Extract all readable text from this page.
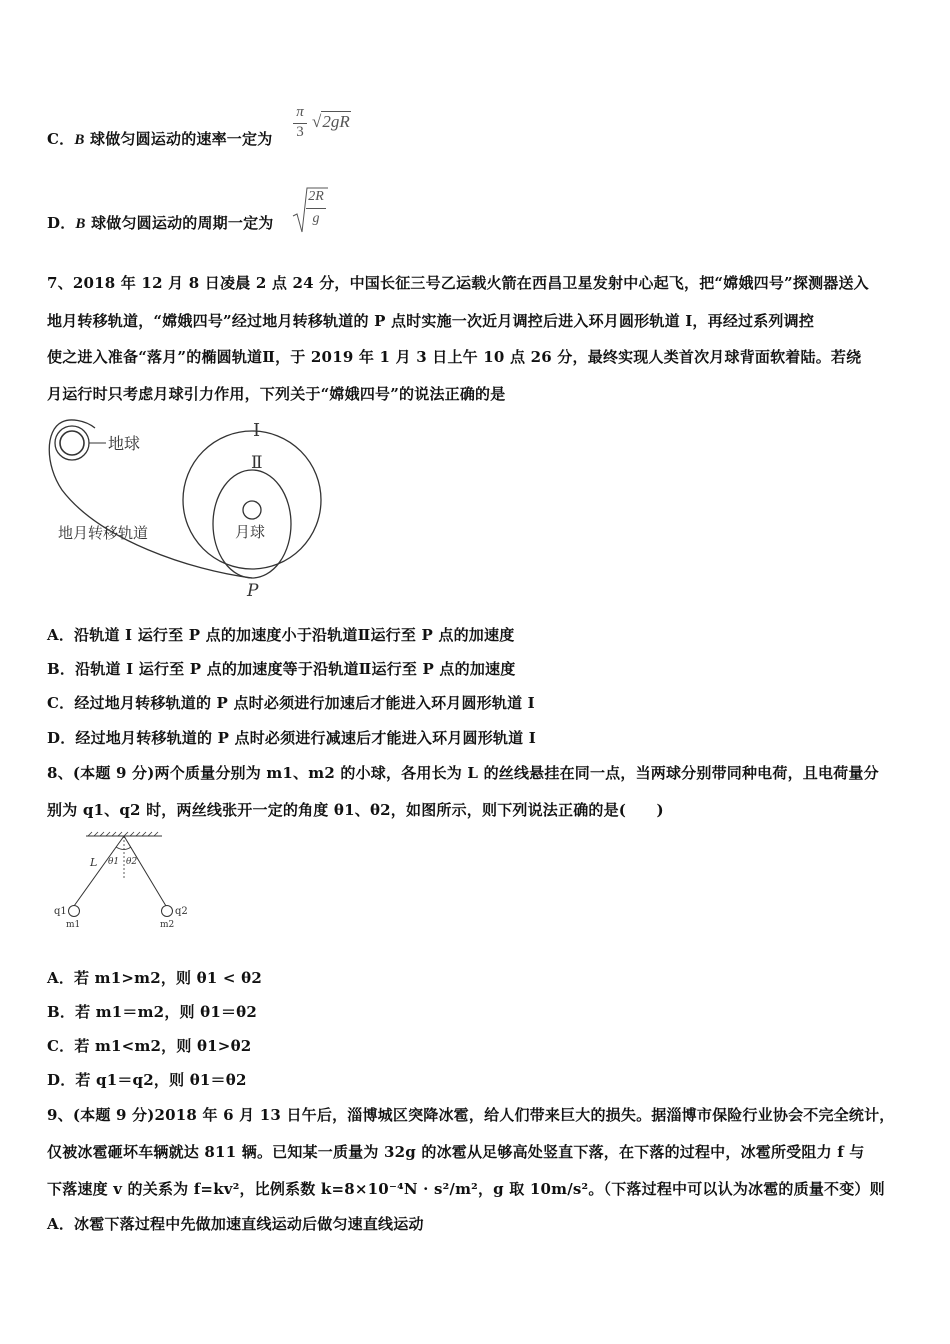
C．B 球做匀圆运动的速率一定为
π
3
√2gR
D．B 球做匀圆运动的周期一定为
2R
g
7、2018 年 12 月 8 日凌晨 2 点 24 分，中国长征三号乙运载火箭在西昌卫星发射中心起飞，把“嫦娥四号”探测器送入
地月转移轨道，“嫦娥四号”经过地月转移轨道的 P 点时实施一次近月调控后进入环月圆形轨道 I，再经过系列调控
使之进入准备“落月”的椭圆轨道Ⅱ，于 2019 年 1 月 3 日上午 10 点 26 分，最终实现人类首次月球背面软着陆。若绕
月运行时只考虑月球引力作用，下列关于“嫦娥四号”的说法正确的是
地球
月球
I
Ⅱ
地月转移轨道
P
A．沿轨道 I 运行至 P 点的加速度小于沿轨道Ⅱ运行至 P 点的加速度
B．沿轨道 I 运行至 P 点的加速度等于沿轨道Ⅱ运行至 P 点的加速度
C．经过地月转移轨道的 P 点时必须进行加速后才能进入环月圆形轨道 I
D．经过地月转移轨道的 P 点时必须进行减速后才能进入环月圆形轨道 I
8、(本题 9 分)两个质量分别为 m1、m2 的小球，各用长为 L 的丝线悬挂在同一点，当两球分别带同种电荷，且电荷量分
别为 q1、q2 时，两丝线张开一定的角度 θ1、θ2，如图所示，则下列说法正确的是(　　)
L θ1 θ2
q1	q2
m1	m2
A．若 m1>m2，则 θ1 < θ2
B．若 m1＝m2，则 θ1＝θ2
C．若 m1<m2，则 θ1>θ2
D．若 q1＝q2，则 θ1＝θ2
9、(本题 9 分)2018 年 6 月 13 日午后，淄博城区突降冰雹，给人们带来巨大的损失。据淄博市保险行业协会不完全统计，
仅被冰雹砸坏车辆就达 811 辆。已知某一质量为 32g 的冰雹从足够高处竖直下落，在下落的过程中，冰雹所受阻力 f 与
下落速度 v 的关系为 f=kv²，比例系数 k=8×10⁻⁴N · s²/m²，g 取 10m/s²。（下落过程中可以认为冰雹的质量不变）则
A．冰雹下落过程中先做加速直线运动后做匀速直线运动
